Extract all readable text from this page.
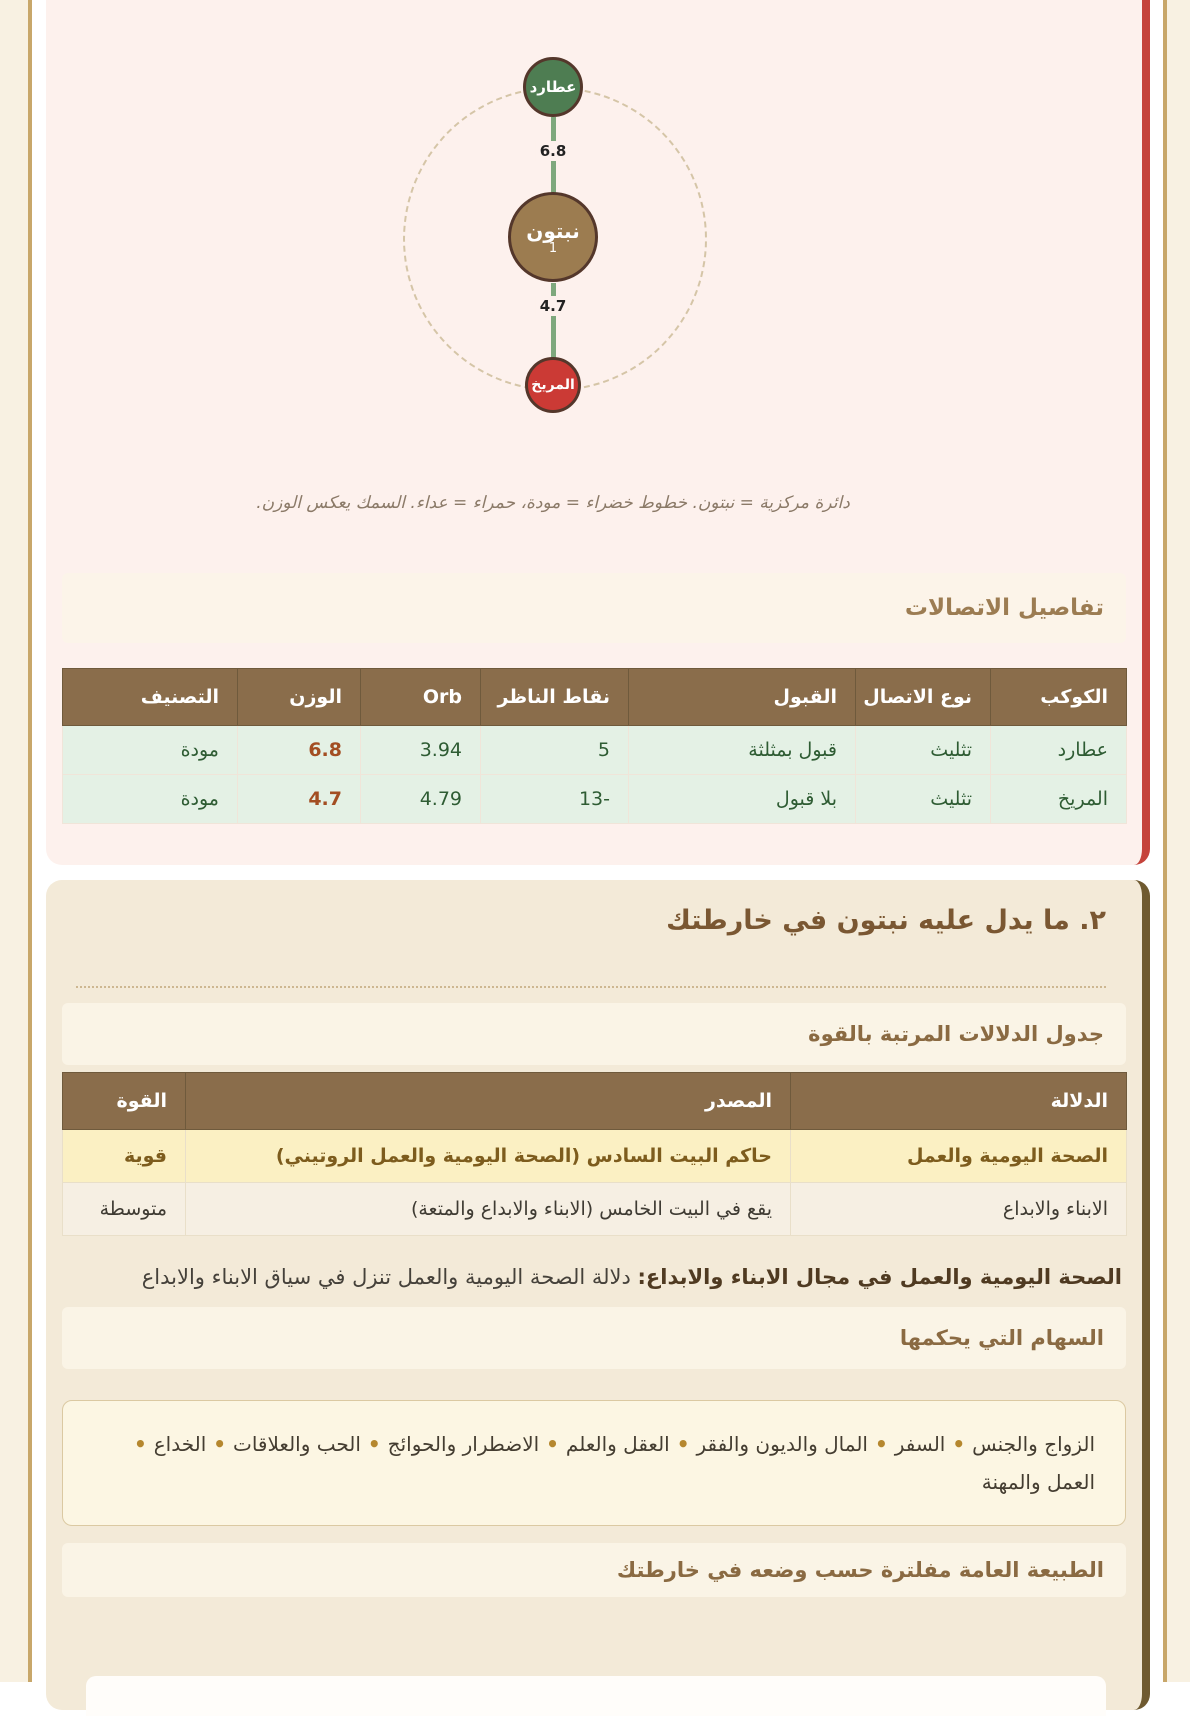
6.8
4.7
عطارد
نبتون
1
المريخ
دائرة مركزية = نبتون. خطوط خضراء = مودة، حمراء = عداء. السمك يعكس الوزن.
تفاصيل الاتصالات
الكوكب	نوع الاتصال	القبول	نقاط الناظر	Orb	الوزن	التصنيف
عطارد	تثليث	قبول بمثلثة	5	3.94	6.8	مودة
المريخ	تثليث	بلا قبول	-13	4.79	4.7	مودة
٢. ما يدل عليه نبتون في خارطتك
جدول الدلالات المرتبة بالقوة
الدلالة	المصدر	القوة
الصحة اليومية والعمل	حاكم البيت السادس (الصحة اليومية والعمل الروتيني)	قوية
الابناء والابداع	يقع في البيت الخامس (الابناء والابداع والمتعة)	متوسطة
الصحة اليومية والعمل في مجال الابناء والابداع: دلالة الصحة اليومية والعمل تنزل في سياق الابناء والابداع
السهام التي يحكمها
الزواج والجنس • السفر • المال والديون والفقر • العقل والعلم • الاضطرار والحوائج • الحب والعلاقات • الخداع • العمل والمهنة
الطبيعة العامة مفلترة حسب وضعه في خارطتك
